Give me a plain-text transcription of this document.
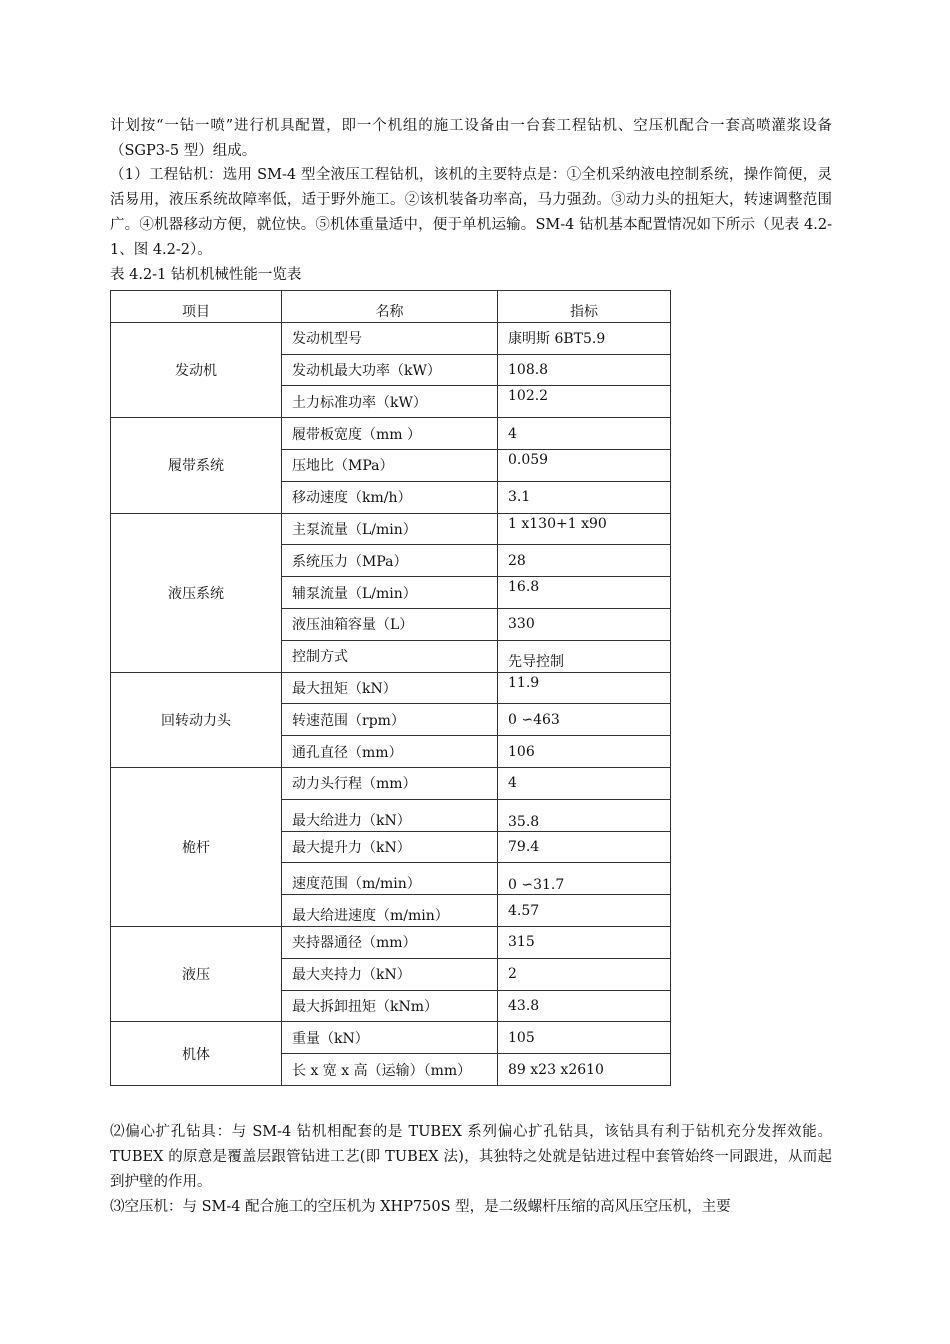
计划按“一钻一喷”进行机具配置，即一个机组的施工设备由一台套工程钻机、空压机配合一套高喷灌浆设备（SGP3-5 型）组成。

（1）工程钻机：选用 SM-4 型全液压工程钻机，该机的主要特点是：①全机采纳液电控制系统，操作简便，灵活易用，液压系统故障率低，适于野外施工。②该机装备功率高，马力强劲。③动力头的扭矩大，转速调整范围广。④机器移动方便，就位快。⑤机体重量适中，便于单机运输。SM-4 钻机基本配置情况如下所示（见表 4.2-1、图 4.2-2）。

表 4.2-1 钻机机械性能一览表
项目	名称	指标
发动机	发动机型号	康明斯 6BT5.9
	发动机最大功率（kW）	108.8
	土力标准功率（kW）	102.2
履带系统	履带板宽度（mm ）	4
	压地比（MPa）	0.059
	移动速度（km/h）	3.1
液压系统	主泵流量（L/min）	1 x130+1 x90
	系统压力（MPa）	28
	辅泵流量（L/min）	16.8
	液压油箱容量（L）	330
	控制方式	先导控制
回转动力头	最大扭矩（kN）	11.9
	转速范围（rpm）	0 ∽463
	通孔直径（mm）	106
桅杆	动力头行程（mm）	4
	最大给进力（kN）	35.8
	最大提升力（kN）	79.4
	速度范围（m/min）	0 ∽31.7
	最大给进速度（m/min）	4.57
液压	夹持器通径（mm）	315
	最大夹持力（kN）	2
	最大拆卸扭矩（kNm）	43.8
机体	重量（kN）	105
	长 x 宽 x 高（运输）（mm）	89 x23 x2610

⑵偏心扩孔钻具：与 SM-4 钻机相配套的是 TUBEX 系列偏心扩孔钻具，该钻具有利于钻机充分发挥效能。TUBEX 的原意是覆盖层跟管钻进工艺(即 TUBEX 法)，其独特之处就是钻进过程中套管始终一同跟进，从而起到护壁的作用。

⑶空压机：与 SM-4 配合施工的空压机为 XHP750S 型，是二级螺杆压缩的高风压空压机，主要
